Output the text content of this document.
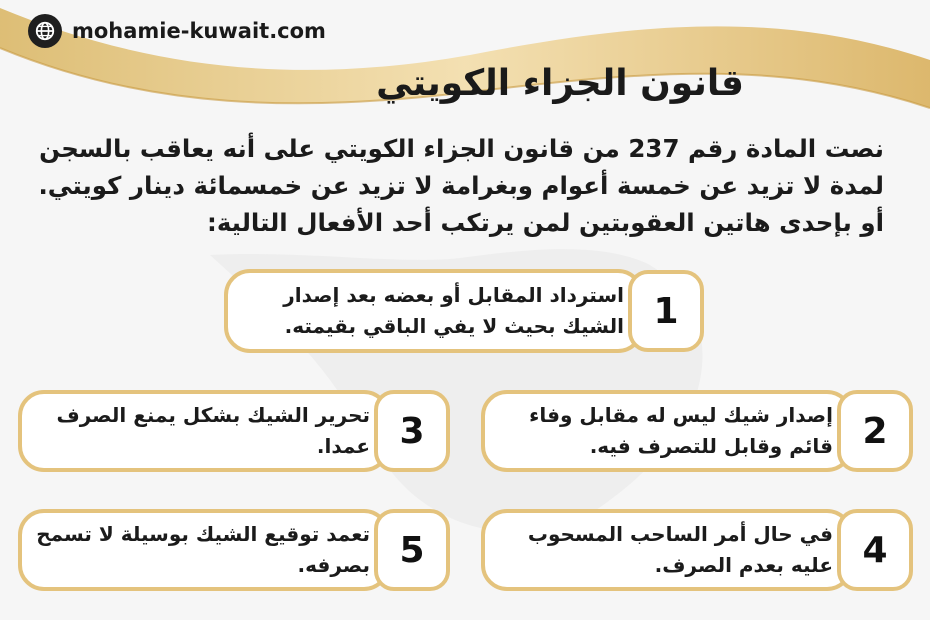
mohamie-kuwait.com
قانون الجزاء الكويتي
نصت المادة رقم 237 من قانون الجزاء الكويتي على أنه يعاقب بالسجن لمدة لا تزيد عن خمسة أعوام وبغرامة لا تزيد عن خمسمائة دينار كويتي. أو بإحدى هاتين العقوبتين لمن يرتكب أحد الأفعال التالية:
استرداد المقابل أو بعضه بعد إصدار الشيك بحيث لا يفي الباقي بقيمته. 1
إصدار شيك ليس له مقابل وفاء قائم وقابل للتصرف فيه. 2
تحرير الشيك بشكل يمنع الصرف عمدا. 3
في حال أمر الساحب المسحوب عليه بعدم الصرف. 4
تعمد توقيع الشيك بوسيلة لا تسمح بصرفه. 5
